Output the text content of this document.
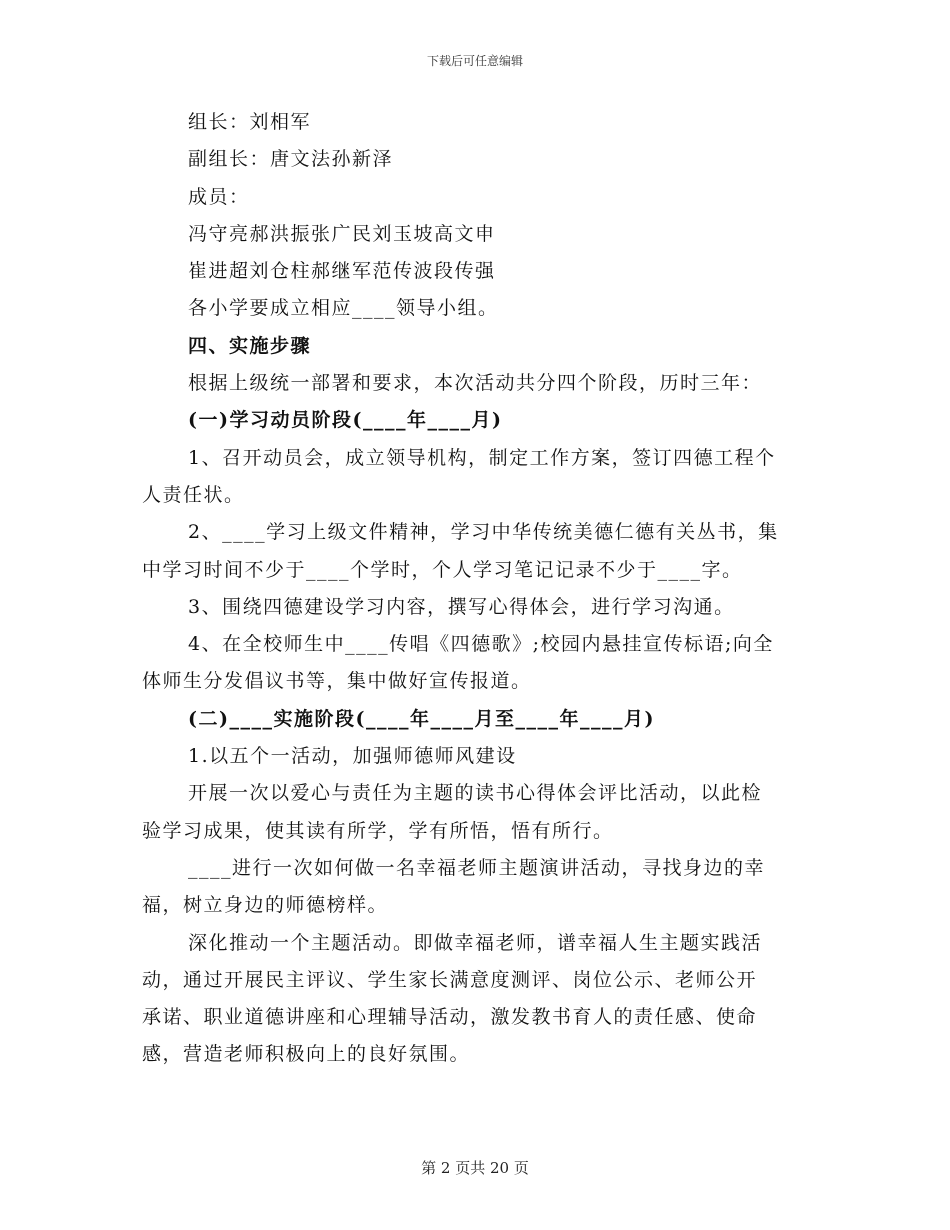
下载后可任意编辑

组长：刘相军

副组长：唐文法孙新泽

成员：

冯守亮郝洪振张广民刘玉坡高文申

崔进超刘仓柱郝继军范传波段传强

各小学要成立相应____领导小组。

四、实施步骤

根据上级统一部署和要求，本次活动共分四个阶段，历时三年：

(一)学习动员阶段(____年____月)

1、召开动员会，成立领导机构，制定工作方案，签订四德工程个

人责任状。

2、____学习上级文件精神，学习中华传统美德仁德有关丛书，集

中学习时间不少于____个学时，个人学习笔记记录不少于____字。

3、围绕四德建设学习内容，撰写心得体会，进行学习沟通。

4、在全校师生中____传唱《四德歌》;校园内悬挂宣传标语;向全

体师生分发倡议书等，集中做好宣传报道。

(二)____实施阶段(____年____月至____年____月)

1.以五个一活动，加强师德师风建设

开展一次以爱心与责任为主题的读书心得体会评比活动，以此检

验学习成果，使其读有所学，学有所悟，悟有所行。

____进行一次如何做一名幸福老师主题演讲活动，寻找身边的幸

福，树立身边的师德榜样。

深化推动一个主题活动。即做幸福老师，谱幸福人生主题实践活

动，通过开展民主评议、学生家长满意度测评、岗位公示、老师公开

承诺、职业道德讲座和心理辅导活动，激发教书育人的责任感、使命

感，营造老师积极向上的良好氛围。

第 2 页共 20 页
